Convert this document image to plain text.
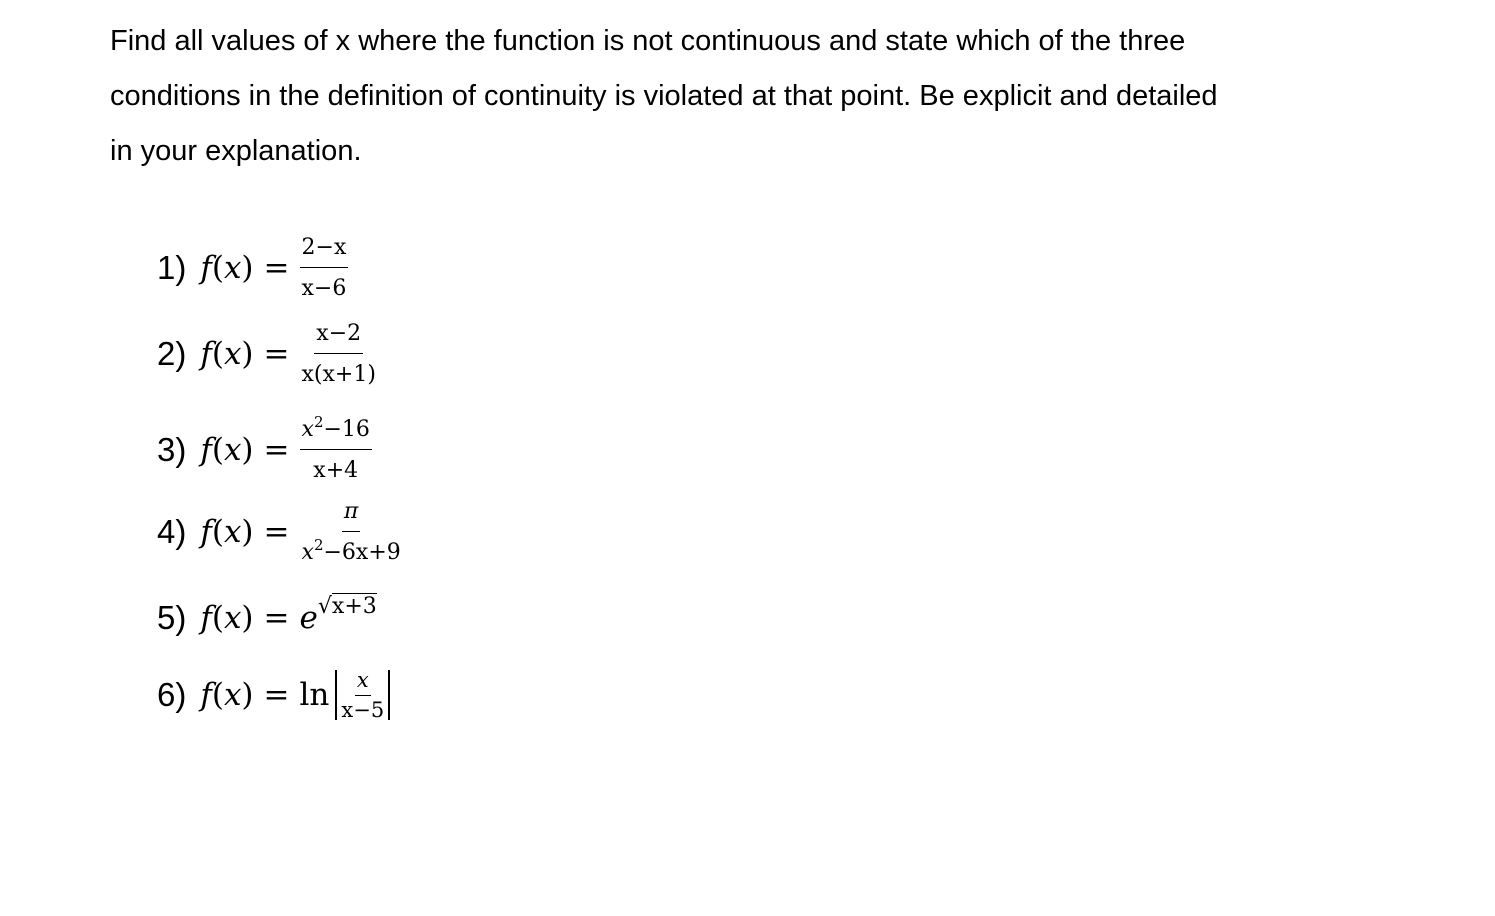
Find all values of x where the function is not continuous and state which of the three
conditions in the definition of continuity is violated at that point. Be explicit and detailed
in your explanation.
1) $f(x) = \frac{2-x}{x-6}$
2) $f(x) = \frac{x-2}{x(x+1)}$
3) $f(x) = \frac{x^2-16}{x+4}$
4) $f(x) = \frac{\pi}{x^2-6x+9}$
5) f(x) = e √x+3
6) $f(x) = \ln \frac{x}{x-5}$
